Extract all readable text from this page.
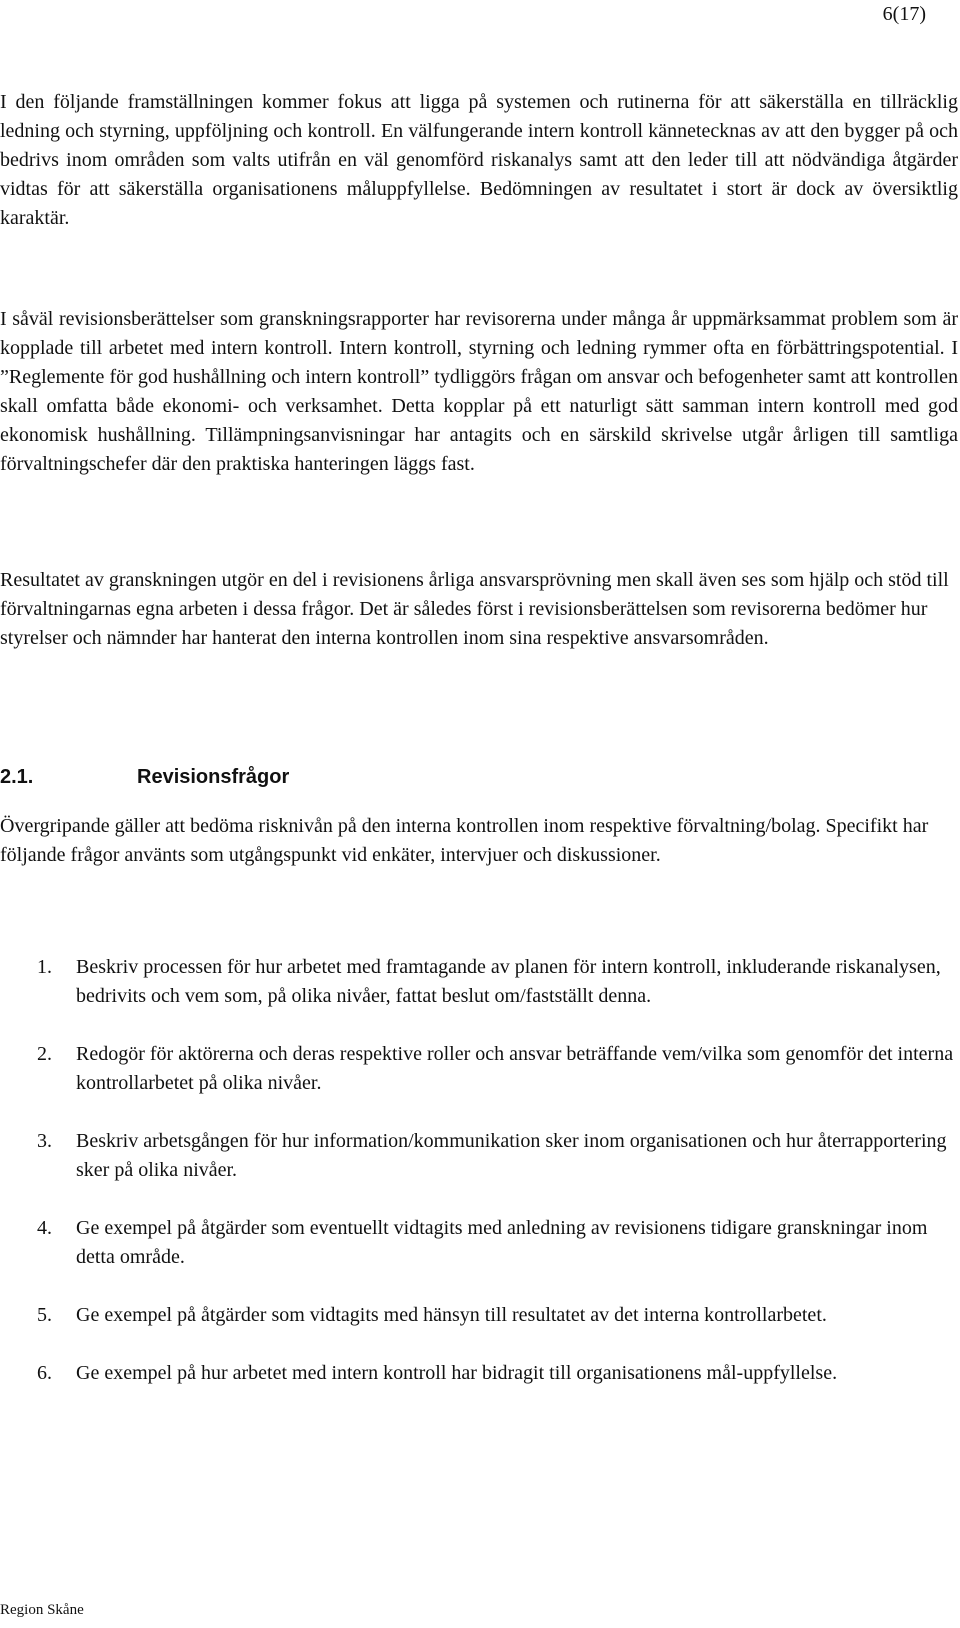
6(17)

I den följande framställningen kommer fokus att ligga på systemen och rutinerna för att säkerställa en tillräcklig ledning och styrning, uppföljning och kontroll. En välfungerande intern kontroll kännetecknas av att den bygger på och bedrivs inom områden som valts utifrån en väl genomförd riskanalys samt att den leder till att nödvändiga åtgärder vidtas för att säkerställa organisationens måluppfyllelse. Bedömningen av resultatet i stort är dock av översiktlig karaktär.

I såväl revisionsberättelser som granskningsrapporter har revisorerna under många år uppmärksammat problem som är kopplade till arbetet med intern kontroll. Intern kontroll, styrning och ledning rymmer ofta en förbättringspotential. I ”Reglemente för god hushållning och intern kontroll” tydliggörs frågan om ansvar och befogenheter samt att kontrollen skall omfatta både ekonomi- och verksamhet. Detta kopplar på ett naturligt sätt samman intern kontroll med god ekonomisk hushållning. Tillämpningsanvisningar har antagits och en särskild skrivelse utgår årligen till samtliga förvaltningschefer där den praktiska hanteringen läggs fast.

Resultatet av granskningen utgör en del i revisionens årliga ansvarsprövning men skall även ses som hjälp och stöd till förvaltningarnas egna arbeten i dessa frågor. Det är således först i revisionsberättelsen som revisorerna bedömer hur styrelser och nämnder har hanterat den interna kontrollen inom sina respektive ansvarsområden.

2.1.	Revisionsfrågor

Övergripande gäller att bedöma risknivån på den interna kontrollen inom respektive förvaltning/bolag. Specifikt har följande frågor använts som utgångspunkt vid enkäter, intervjuer och diskussioner.

1. Beskriv processen för hur arbetet med framtagande av planen för intern kontroll, inkluderande riskanalysen, bedrivits och vem som, på olika nivåer, fattat beslut om/fastställt denna.
2. Redogör för aktörerna och deras respektive roller och ansvar beträffande vem/vilka som genomför det interna kontrollarbetet på olika nivåer.
3. Beskriv arbetsgången för hur information/kommunikation sker inom organisationen och hur återrapportering sker på olika nivåer.
4. Ge exempel på åtgärder som eventuellt vidtagits med anledning av revisionens tidigare granskningar inom detta område.
5. Ge exempel på åtgärder som vidtagits med hänsyn till resultatet av det interna kontrollarbetet.
6. Ge exempel på hur arbetet med intern kontroll har bidragit till organisationens mål-uppfyllelse.
Region Skåne
